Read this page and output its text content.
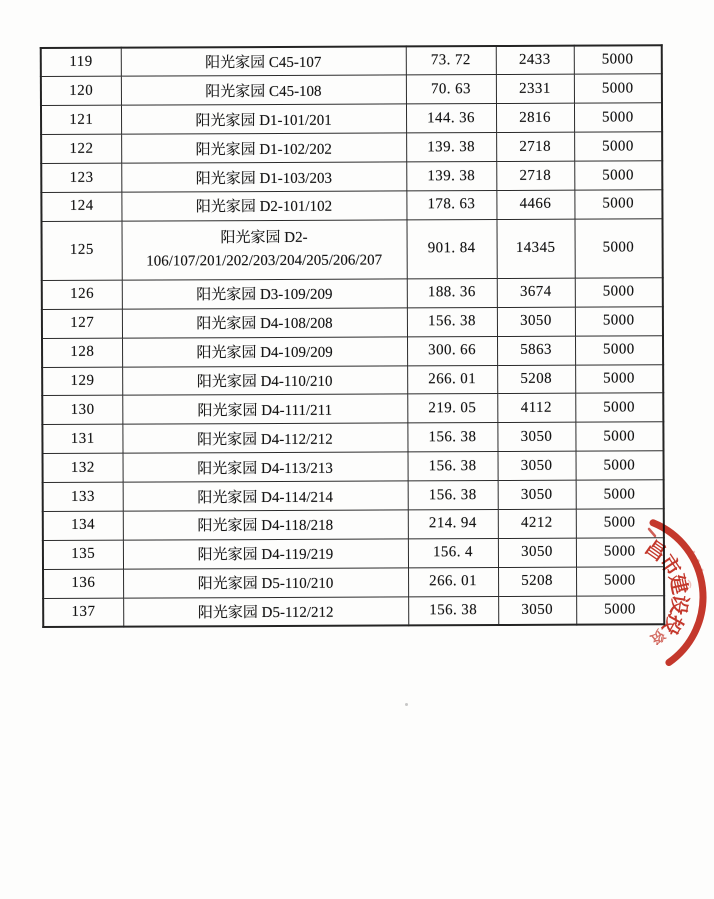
119	阳光家园 C45-107	73. 72	2433	5000
120	阳光家园 C45-108	70. 63	2331	5000
121	阳光家园 D1-101/201	144. 36	2816	5000
122	阳光家园 D1-102/202	139. 38	2718	5000
123	阳光家园 D1-103/203	139. 38	2718	5000
124	阳光家园 D2-101/102	178. 63	4466	5000
125	阳光家园 D2-
106/107/201/202/203/204/205/206/207	901. 84	14345	5000
126	阳光家园 D3-109/209	188. 36	3674	5000
127	阳光家园 D4-108/208	156. 38	3050	5000
128	阳光家园 D4-109/209	300. 66	5863	5000
129	阳光家园 D4-110/210	266. 01	5208	5000
130	阳光家园 D4-111/211	219. 05	4112	5000
131	阳光家园 D4-112/212	156. 38	3050	5000
132	阳光家园 D4-113/213	156. 38	3050	5000
133	阳光家园 D4-114/214	156. 38	3050	5000
134	阳光家园 D4-118/218	214. 94	4212	5000
135	阳光家园 D4-119/219	156. 4	3050	5000
136	阳光家园 D5-110/210	266. 01	5208	5000
137	阳光家园 D5-112/212	156. 38	3050	5000
昌
市
建
设
投
资
